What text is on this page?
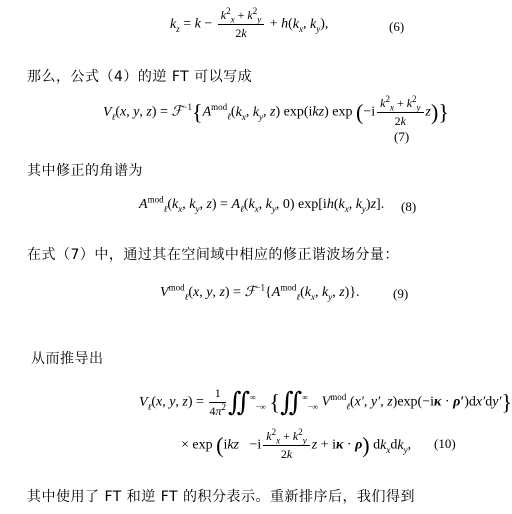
$k_z = k - \frac{k^2_x + k^2_y}{2k} + h(k_x$, $k_y$),	(6)
那么，公式（4）的逆 FT 可以写成
$V_\ell(x$, y, $z) = ℱ^{-1}\{A^{mod}_\ell(k_x$, $k_y$, z) exp(ikz) $\exp (-i \frac{k^2_x + k^2_y}{2k} z)$}
(7)
其中修正的角谱为
$A^{mod}_\ell(k_x$, $k_y$, $z) = A_\ell(k_x$, $k_y$, 0) $\exp[ih(k_x$, $k_y)z$]. (8)
在式（7）中，通过其在空间域中相应的修正谐波场分量：
$V^{mod}_\ell(x$, y, $z) = ℱ^{-1}\{A^{mod}_\ell(k_x$, $k_y$, z)}.	(9)
从而推导出
$V_\ell(x$, y, $z) = \frac{1}{4\pi^2}$ $∬^\infty_{-\infty}$ {$∬^\infty_{-\infty}$ $V^{mod}_\ell(x'$, y′, z)exp(−iκ · ρ′)dx′dy′}
× $\exp (ikz -i \frac{k^2_x + k^2_y}{2k}$ z + iκ · ρ) $dk_xdk_y$, (10)
其中使用了 FT 和逆 FT 的积分表示。重新排序后，我们得到
